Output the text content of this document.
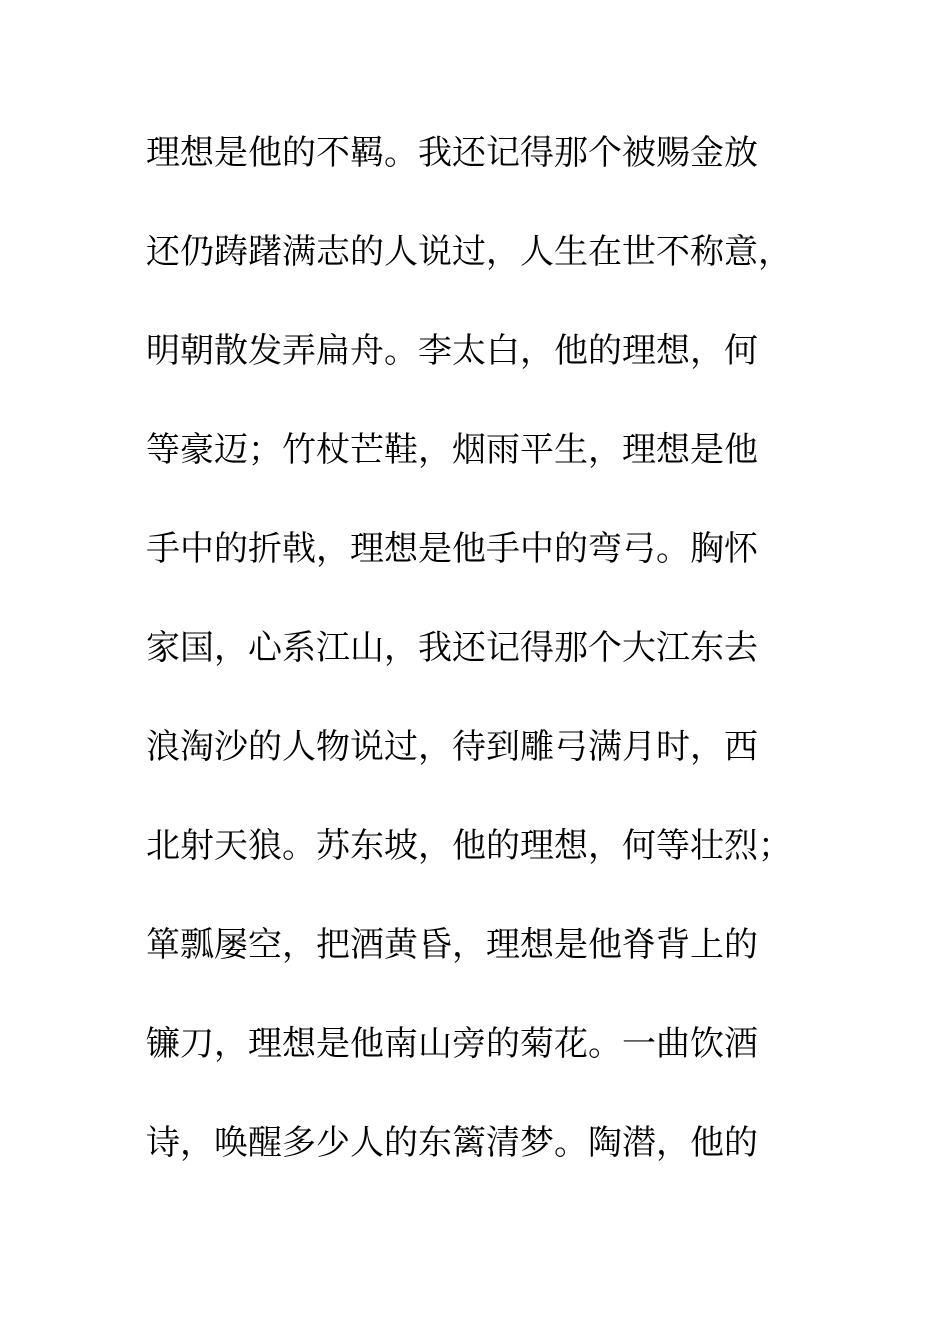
理想是他的不羁。我还记得那个被赐金放
还仍踌躇满志的人说过，人生在世不称意，
明朝散发弄扁舟。李太白，他的理想，何
等豪迈；竹杖芒鞋，烟雨平生，理想是他
手中的折戟，理想是他手中的弯弓。胸怀
家国，心系江山，我还记得那个大江东去
浪淘沙的人物说过，待到雕弓满月时，西
北射天狼。苏东坡，他的理想，何等壮烈；
箪瓢屡空，把酒黄昏，理想是他脊背上的
镰刀，理想是他南山旁的菊花。一曲饮酒
诗，唤醒多少人的东篱清梦。陶潜，他的
